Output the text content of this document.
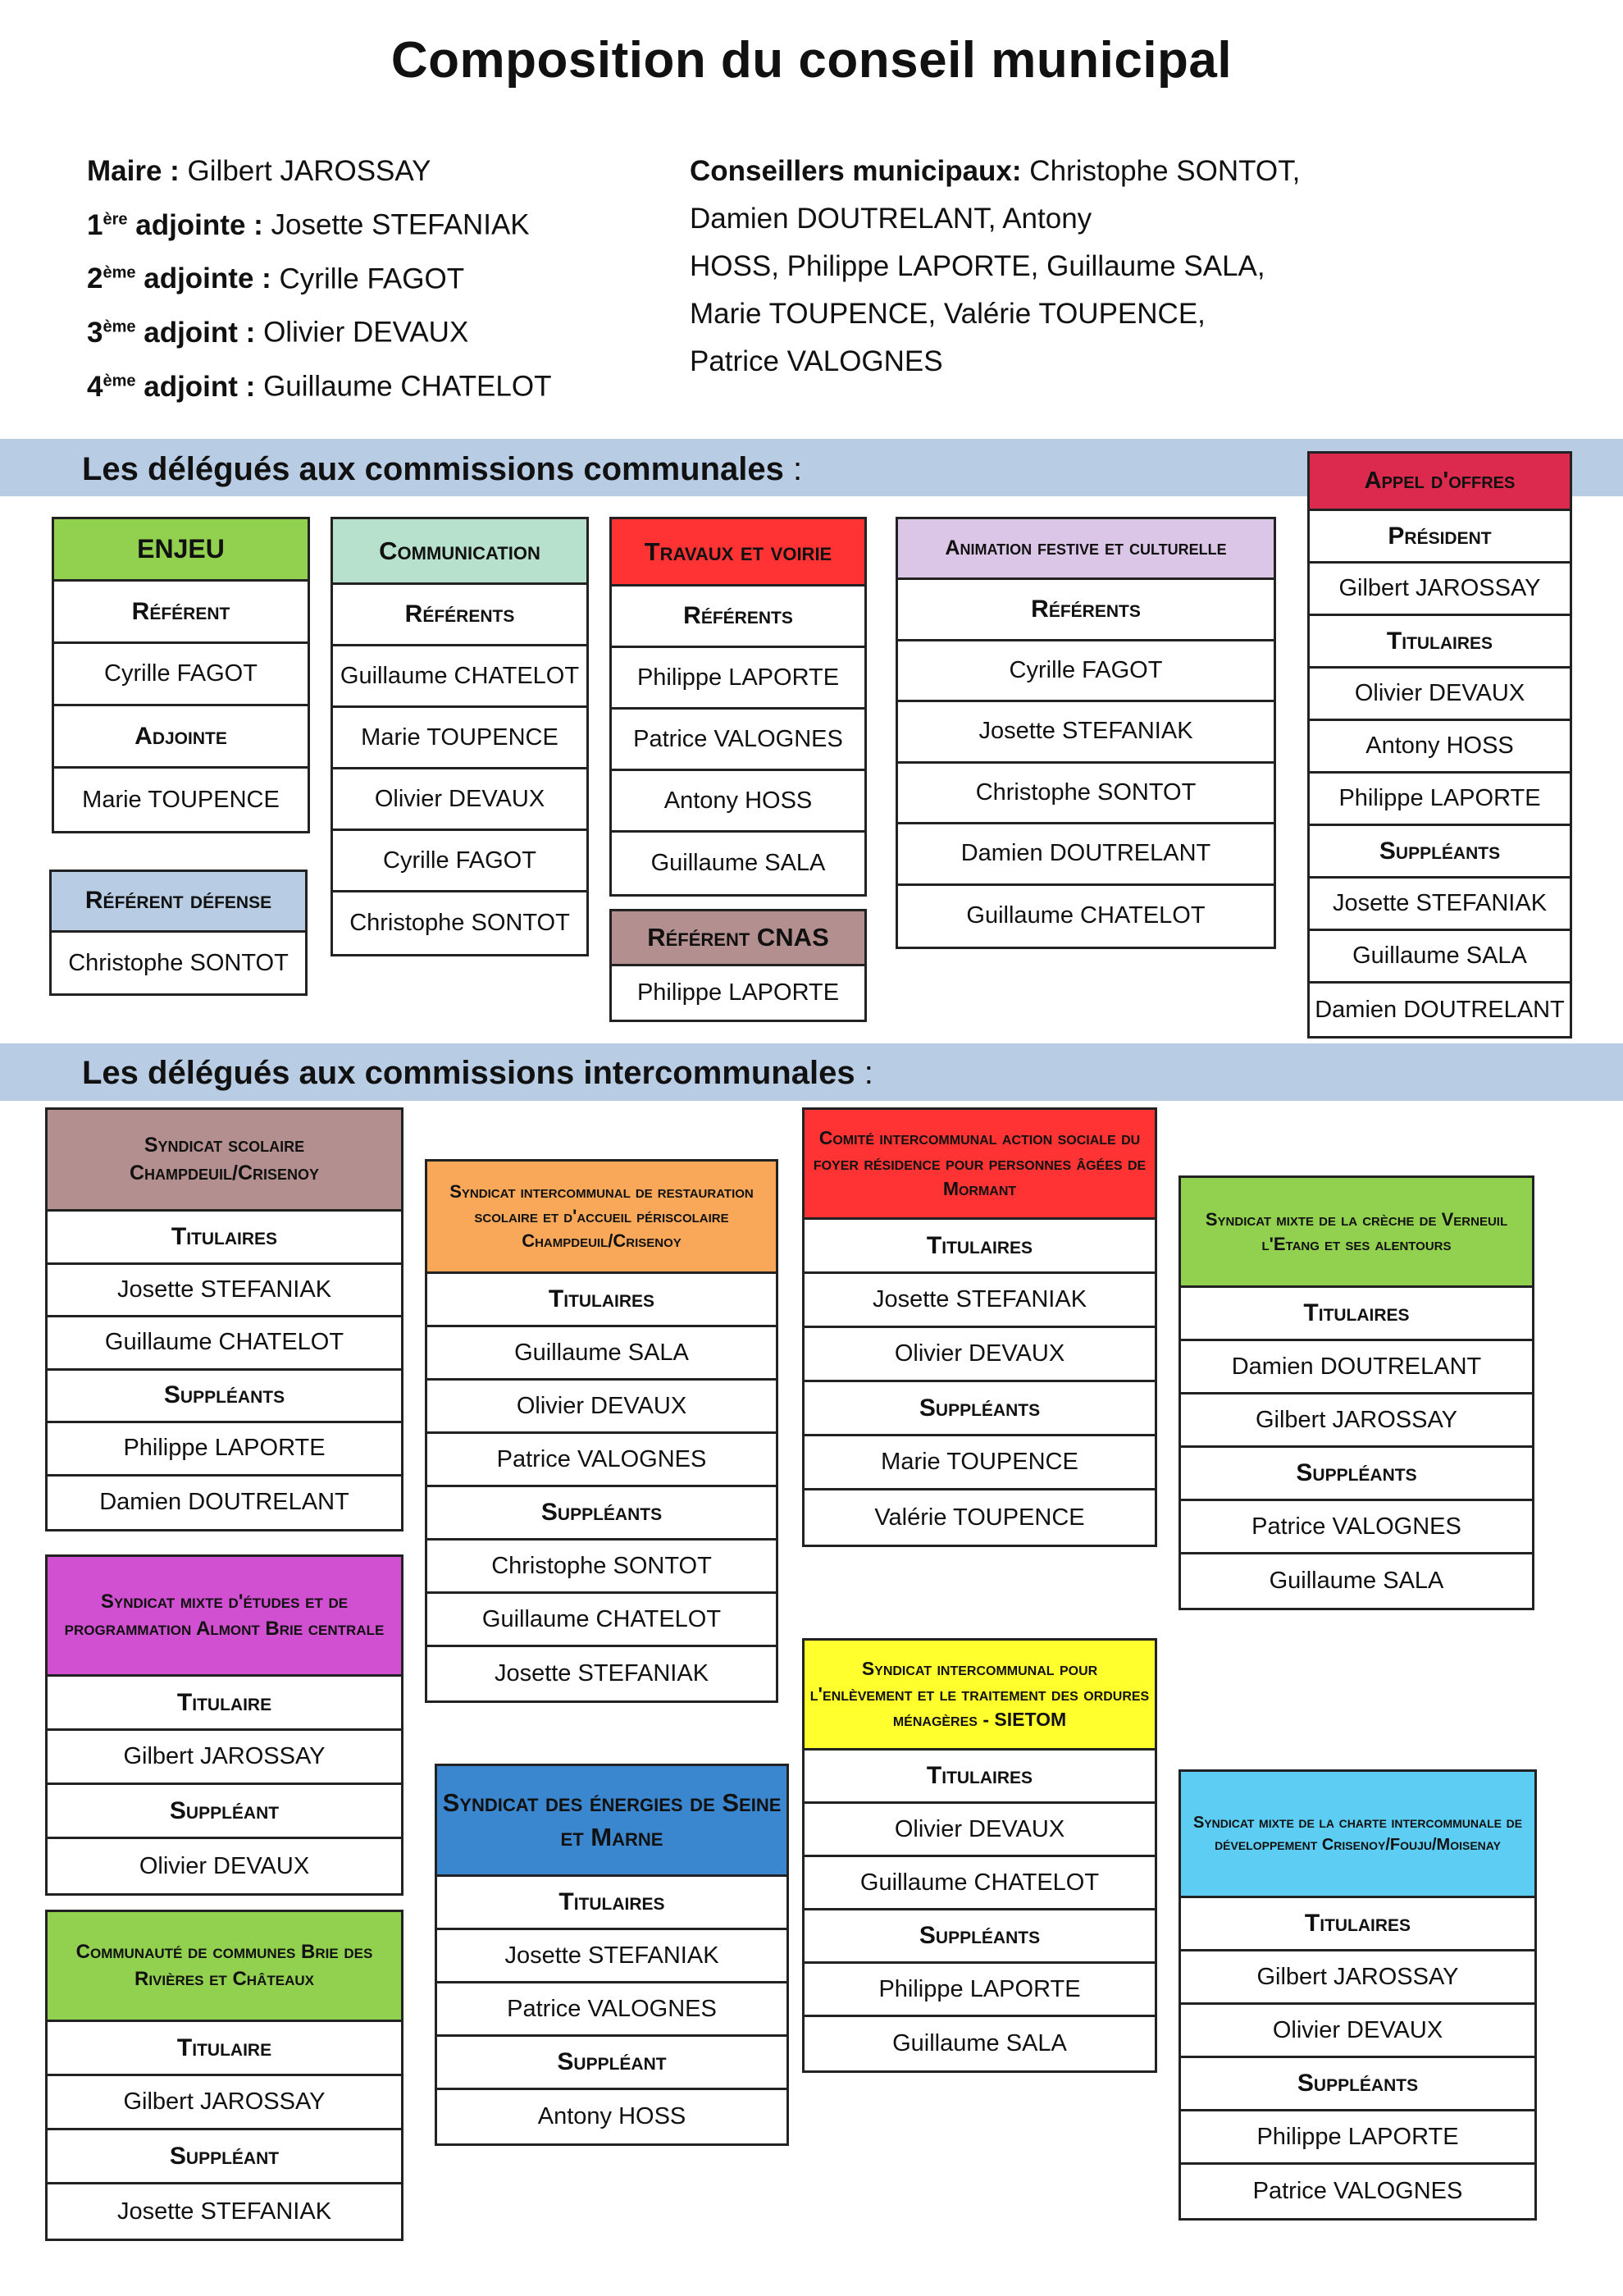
Composition du conseil municipal
Maire : Gilbert JAROSSAY
1ère adjointe : Josette STEFANIAK
2ème adjointe : Cyrille FAGOT
3ème adjoint : Olivier DEVAUX
4ème adjoint : Guillaume CHATELOT
Conseillers municipaux: Christophe SONTOT,
Damien DOUTRELANT, Antony
HOSS, Philippe LAPORTE, Guillaume SALA,
Marie TOUPENCE, Valérie TOUPENCE,
Patrice VALOGNES
Les délégués aux commissions communales :
Les délégués aux commissions intercommunales :
ENJEU
Référent
Cyrille FAGOT
Adjointe
Marie TOUPENCE
Référent défense
Christophe SONTOT
Communication
Référents
Guillaume CHATELOT
Marie TOUPENCE
Olivier DEVAUX
Cyrille FAGOT
Christophe SONTOT
Travaux et voirie
Référents
Philippe LAPORTE
Patrice VALOGNES
Antony HOSS
Guillaume SALA
Référent CNAS
Philippe LAPORTE
Animation festive et culturelle
Référents
Cyrille FAGOT
Josette STEFANIAK
Christophe SONTOT
Damien DOUTRELANT
Guillaume CHATELOT
Appel d'offres
Président
Gilbert JAROSSAY
Titulaires
Olivier DEVAUX
Antony HOSS
Philippe LAPORTE
Suppléants
Josette STEFANIAK
Guillaume SALA
Damien DOUTRELANT
Syndicat scolaire Champdeuil/Crisenoy
Titulaires
Josette STEFANIAK
Guillaume CHATELOT
Suppléants
Philippe LAPORTE
Damien DOUTRELANT
Syndicat mixte d'études et de programmation Almont Brie centrale
Titulaire
Gilbert JAROSSAY
Suppléant
Olivier DEVAUX
Communauté de communes Brie des Rivières et Châteaux
Titulaire
Gilbert JAROSSAY
Suppléant
Josette STEFANIAK
Syndicat intercommunal de restauration scolaire et d'accueil périscolaire Champdeuil/Crisenoy
Titulaires
Guillaume SALA
Olivier DEVAUX
Patrice VALOGNES
Suppléants
Christophe SONTOT
Guillaume CHATELOT
Josette STEFANIAK
Syndicat des énergies de Seine et Marne
Titulaires
Josette STEFANIAK
Patrice VALOGNES
Suppléant
Antony HOSS
Comité intercommunal action sociale du foyer résidence pour personnes âgées de Mormant
Titulaires
Josette STEFANIAK
Olivier DEVAUX
Suppléants
Marie TOUPENCE
Valérie TOUPENCE
Syndicat intercommunal pour l'enlèvement et le traitement des ordures ménagères - SIETOM
Titulaires
Olivier DEVAUX
Guillaume CHATELOT
Suppléants
Philippe LAPORTE
Guillaume SALA
Syndicat mixte de la crèche de Verneuil l'Etang et ses alentours
Titulaires
Damien DOUTRELANT
Gilbert JAROSSAY
Suppléants
Patrice VALOGNES
Guillaume SALA
Syndicat mixte de la charte intercommunale de développement Crisenoy/Fouju/Moisenay
Titulaires
Gilbert JAROSSAY
Olivier DEVAUX
Suppléants
Philippe LAPORTE
Patrice VALOGNES
